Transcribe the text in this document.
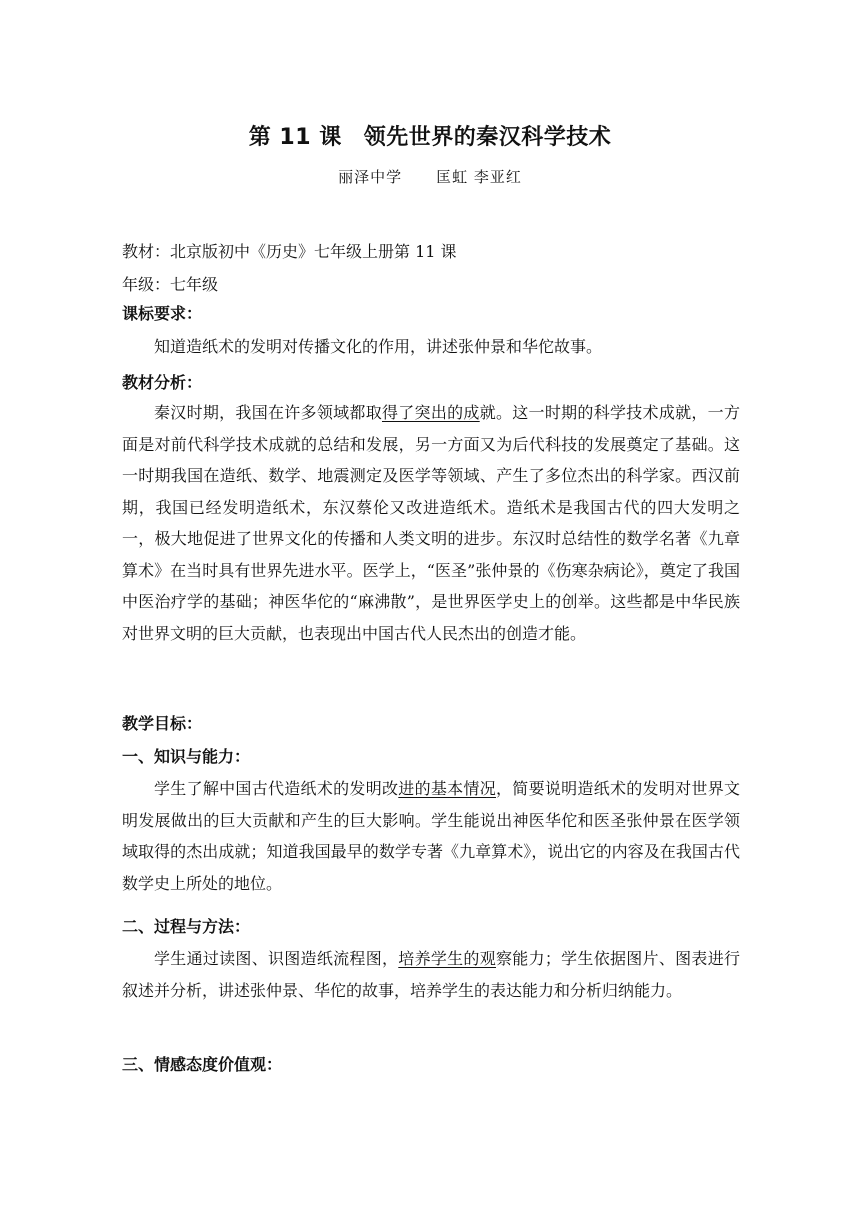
第 11 课 领先世界的秦汉科学技术
丽泽中学 匡虹 李亚红
教材：北京版初中《历史》七年级上册第 11 课
年级：七年级
课标要求：
知道造纸术的发明对传播文化的作用，讲述张仲景和华佗故事。
教材分析：
秦汉时期，我国在许多领域都取得了突出的成就。这一时期的科学技术成就，一方面是对前代科学技术成就的总结和发展，另一方面又为后代科技的发展奠定了基础。这一时期我国在造纸、数学、地震测定及医学等领域、产生了多位杰出的科学家。西汉前期，我国已经发明造纸术，东汉蔡伦又改进造纸术。造纸术是我国古代的四大发明之一，极大地促进了世界文化的传播和人类文明的进步。东汉时总结性的数学名著《九章算术》在当时具有世界先进水平。医学上，“医圣”张仲景的《伤寒杂病论》，奠定了我国中医治疗学的基础；神医华佗的“麻沸散”，是世界医学史上的创举。这些都是中华民族对世界文明的巨大贡献，也表现出中国古代人民杰出的创造才能。
教学目标：
一、知识与能力：
学生了解中国古代造纸术的发明改进的基本情况，简要说明造纸术的发明对世界文明发展做出的巨大贡献和产生的巨大影响。学生能说出神医华佗和医圣张仲景在医学领域取得的杰出成就；知道我国最早的数学专著《九章算术》，说出它的内容及在我国古代数学史上所处的地位。
二、过程与方法：
学生通过读图、识图造纸流程图，培养学生的观察能力；学生依据图片、图表进行叙述并分析，讲述张仲景、华佗的故事，培养学生的表达能力和分析归纳能力。
三、情感态度价值观：
